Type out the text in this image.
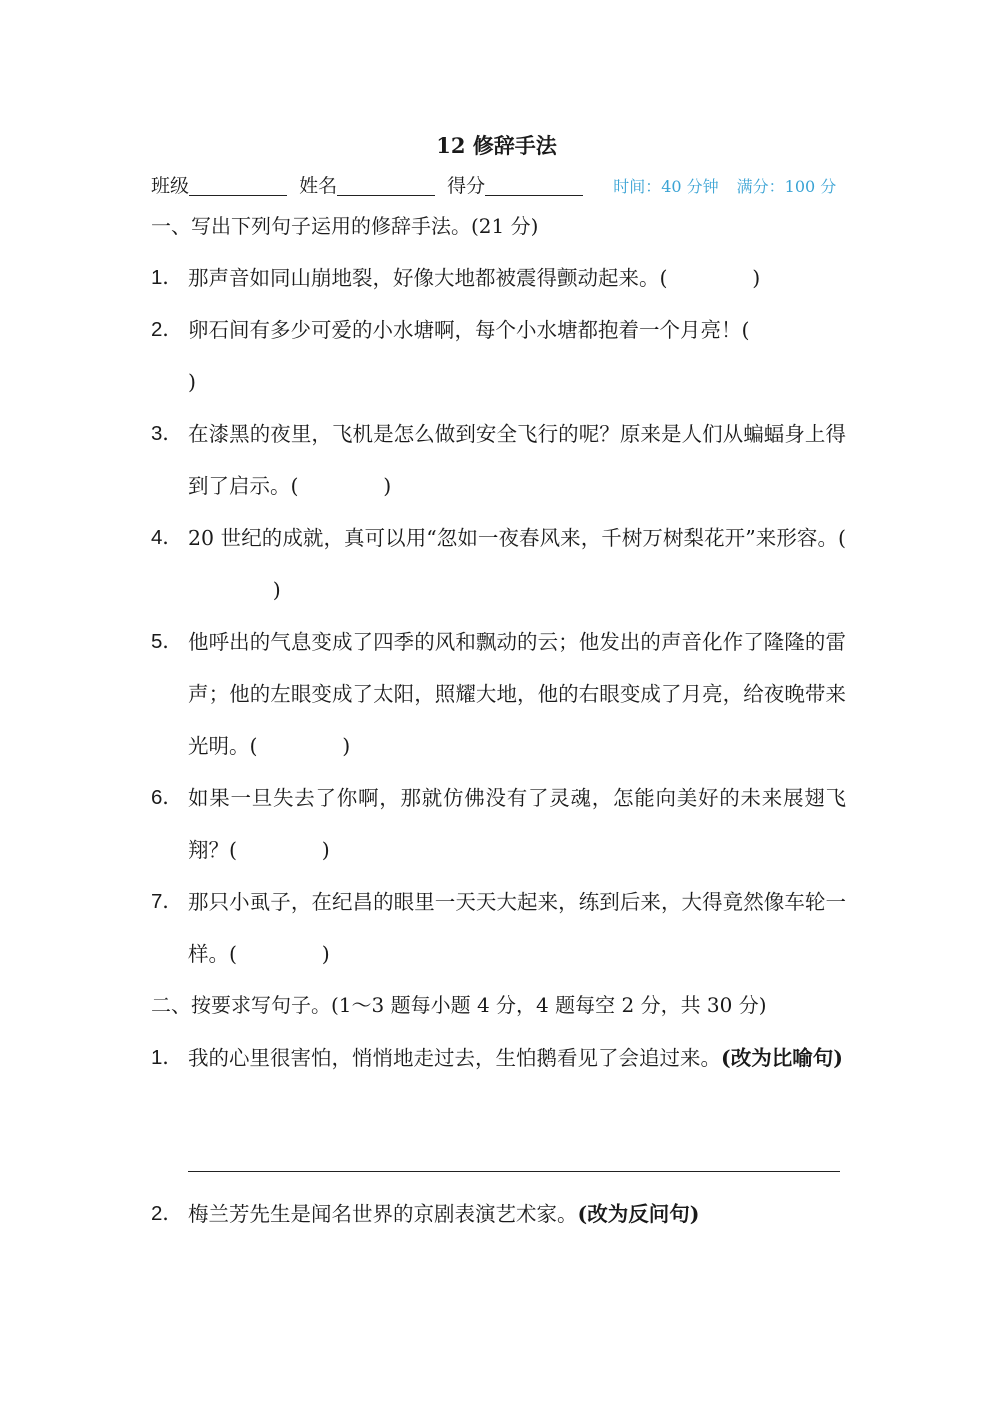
12 修辞手法
班级	姓名	得分	时间：40 分钟 满分：100 分
一、写出下列句子运用的修辞手法。(21 分)
1． 那声音如同山崩地裂，好像大地都被震得颤动起来。(	)
2． 卵石间有多少可爱的小水塘啊，每个小水塘都抱着一个月亮！(
)
3． 在漆黑的夜里，飞机是怎么做到安全飞行的呢？原来是人们从蝙蝠身上得到了启示。(	)
4． 20 世纪的成就，真可以用“忽如一夜春风来，千树万树梨花开”来形容。(             )
5． 他呼出的气息变成了四季的风和飘动的云；他发出的声音化作了隆隆的雷声；他的左眼变成了太阳，照耀大地，他的右眼变成了月亮，给夜晚带来光明。(	)
6． 如果一旦失去了你啊，那就仿佛没有了灵魂，怎能向美好的未来展翅飞翔？(	)
7． 那只小虱子，在纪昌的眼里一天天大起来，练到后来，大得竟然像车轮一样。(	)
二、按要求写句子。(1～3 题每小题 4 分，4 题每空 2 分，共 30 分)
1． 我的心里很害怕，悄悄地走过去，生怕鹅看见了会追过来。(改为比喻句)
2． 梅兰芳先生是闻名世界的京剧表演艺术家。(改为反问句)
